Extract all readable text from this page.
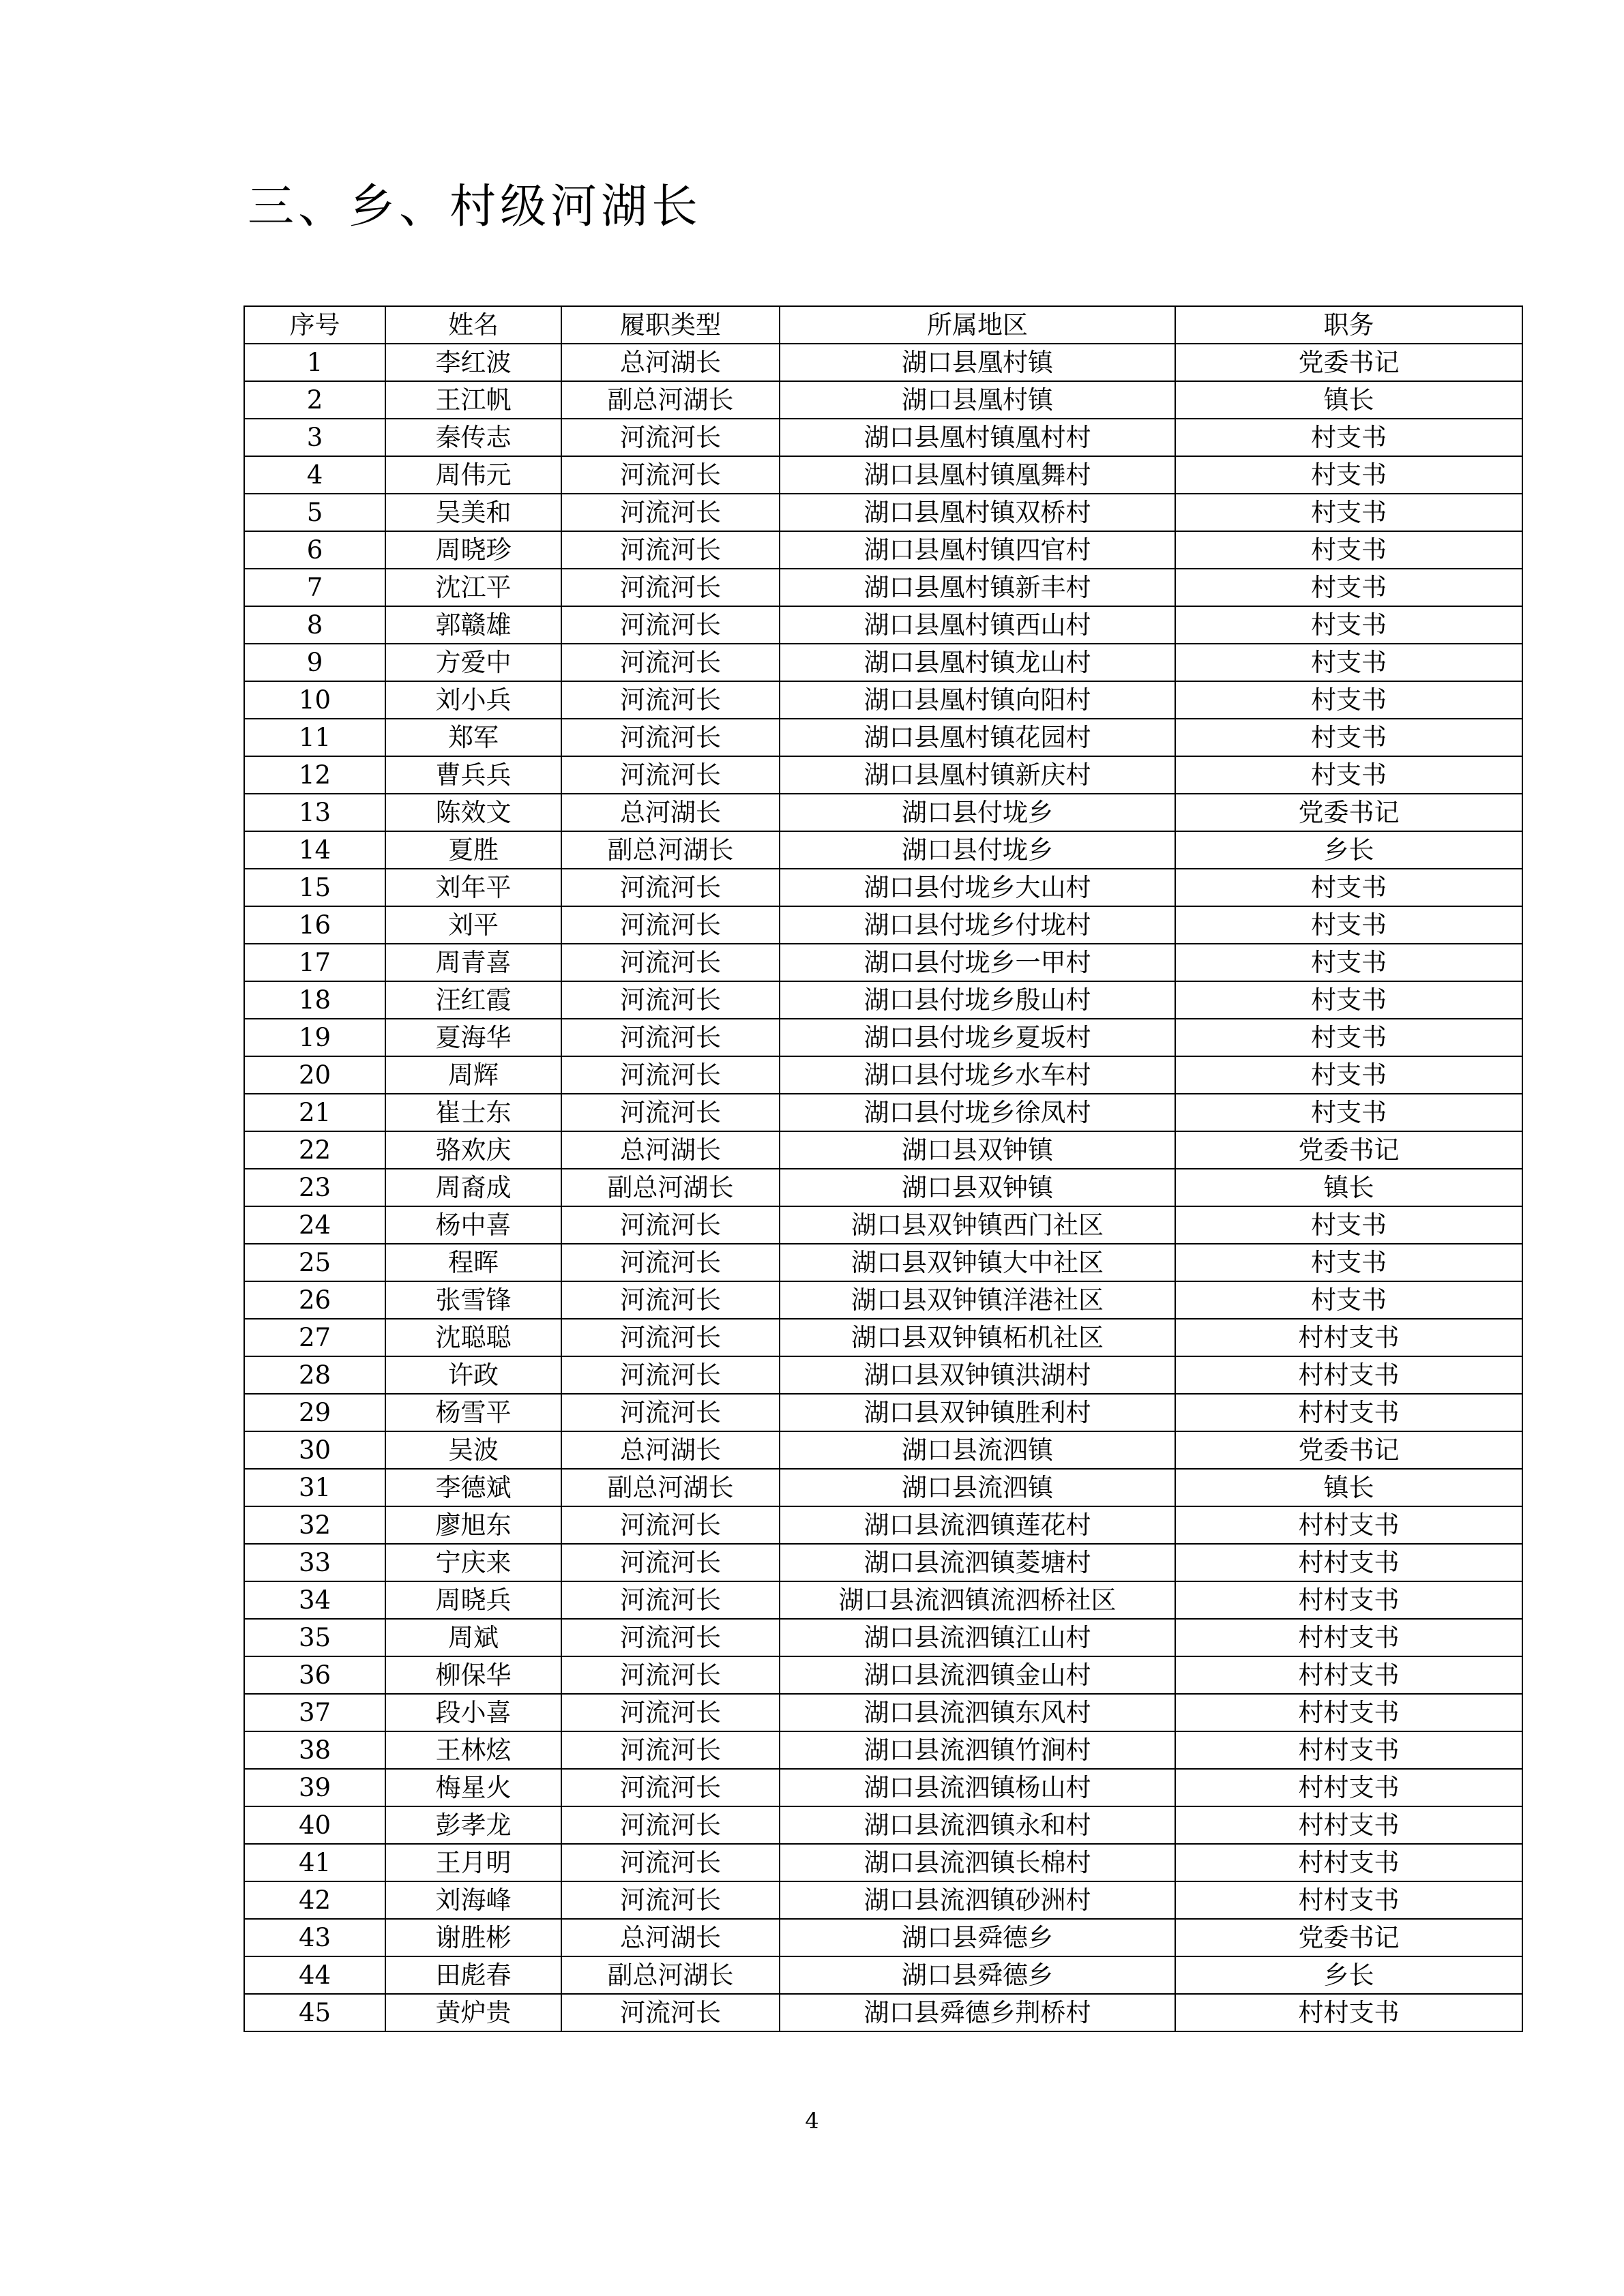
三、乡、村级河湖长
序号	姓名	履职类型	所属地区	职务
1	李红波	总河湖长	湖口县凰村镇	党委书记
2	王江帆	副总河湖长	湖口县凰村镇	镇长
3	秦传志	河流河长	湖口县凰村镇凰村村	村支书
4	周伟元	河流河长	湖口县凰村镇凰舞村	村支书
5	吴美和	河流河长	湖口县凰村镇双桥村	村支书
6	周晓珍	河流河长	湖口县凰村镇四官村	村支书
7	沈江平	河流河长	湖口县凰村镇新丰村	村支书
8	郭赣雄	河流河长	湖口县凰村镇西山村	村支书
9	方爱中	河流河长	湖口县凰村镇龙山村	村支书
10	刘小兵	河流河长	湖口县凰村镇向阳村	村支书
11	郑军	河流河长	湖口县凰村镇花园村	村支书
12	曹兵兵	河流河长	湖口县凰村镇新庆村	村支书
13	陈效文	总河湖长	湖口县付垅乡	党委书记
14	夏胜	副总河湖长	湖口县付垅乡	乡长
15	刘年平	河流河长	湖口县付垅乡大山村	村支书
16	刘平	河流河长	湖口县付垅乡付垅村	村支书
17	周青喜	河流河长	湖口县付垅乡一甲村	村支书
18	汪红霞	河流河长	湖口县付垅乡殷山村	村支书
19	夏海华	河流河长	湖口县付垅乡夏坂村	村支书
20	周辉	河流河长	湖口县付垅乡水车村	村支书
21	崔士东	河流河长	湖口县付垅乡徐凤村	村支书
22	骆欢庆	总河湖长	湖口县双钟镇	党委书记
23	周裔成	副总河湖长	湖口县双钟镇	镇长
24	杨中喜	河流河长	湖口县双钟镇西门社区	村支书
25	程晖	河流河长	湖口县双钟镇大中社区	村支书
26	张雪锋	河流河长	湖口县双钟镇洋港社区	村支书
27	沈聪聪	河流河长	湖口县双钟镇柘机社区	村村支书
28	许政	河流河长	湖口县双钟镇洪湖村	村村支书
29	杨雪平	河流河长	湖口县双钟镇胜利村	村村支书
30	吴波	总河湖长	湖口县流泗镇	党委书记
31	李德斌	副总河湖长	湖口县流泗镇	镇长
32	廖旭东	河流河长	湖口县流泗镇莲花村	村村支书
33	宁庆来	河流河长	湖口县流泗镇菱塘村	村村支书
34	周晓兵	河流河长	湖口县流泗镇流泗桥社区	村村支书
35	周斌	河流河长	湖口县流泗镇江山村	村村支书
36	柳保华	河流河长	湖口县流泗镇金山村	村村支书
37	段小喜	河流河长	湖口县流泗镇东风村	村村支书
38	王林炫	河流河长	湖口县流泗镇竹涧村	村村支书
39	梅星火	河流河长	湖口县流泗镇杨山村	村村支书
40	彭孝龙	河流河长	湖口县流泗镇永和村	村村支书
41	王月明	河流河长	湖口县流泗镇长棉村	村村支书
42	刘海峰	河流河长	湖口县流泗镇砂洲村	村村支书
43	谢胜彬	总河湖长	湖口县舜德乡	党委书记
44	田彪春	副总河湖长	湖口县舜德乡	乡长
45	黄炉贵	河流河长	湖口县舜德乡荆桥村	村村支书
4
